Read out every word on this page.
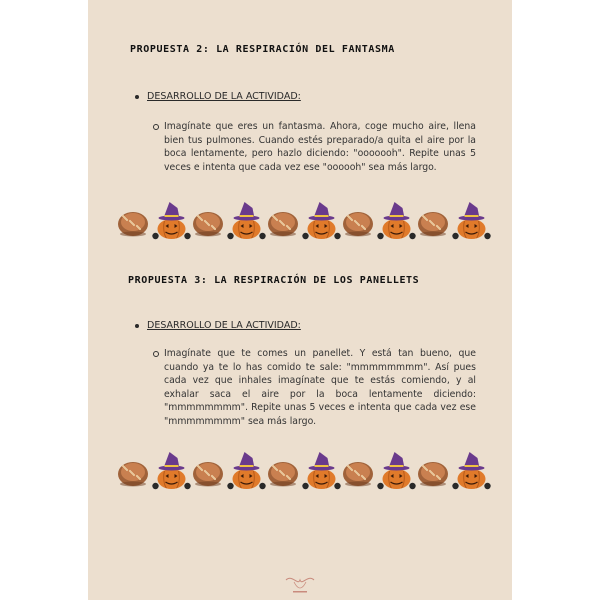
PROPUESTA 2: LA RESPIRACIÓN DEL FANTASMA
DESARROLLO DE LA ACTIVIDAD:
Imagínate que eres un fantasma. Ahora, coge mucho aire, llena bien tus pulmones. Cuando estés preparado/a quita el aire por la boca lentamente, pero hazlo diciendo: "ooooooh". Repite unas 5 veces e intenta que cada vez ese "oooooh" sea más largo.
PROPUESTA 3: LA RESPIRACIÓN DE LOS PANELLETS
DESARROLLO DE LA ACTIVIDAD:
Imagínate que te comes un panellet. Y está tan bueno, que cuando ya te lo has comido te sale: "mmmmmmmm". Así pues cada vez que inhales imagínate que te estás comiendo, y al exhalar saca el aire por la boca lentamente diciendo: "mmmmmmmm". Repite unas 5 veces e intenta que cada vez ese "mmmmmmmm" sea más largo.
